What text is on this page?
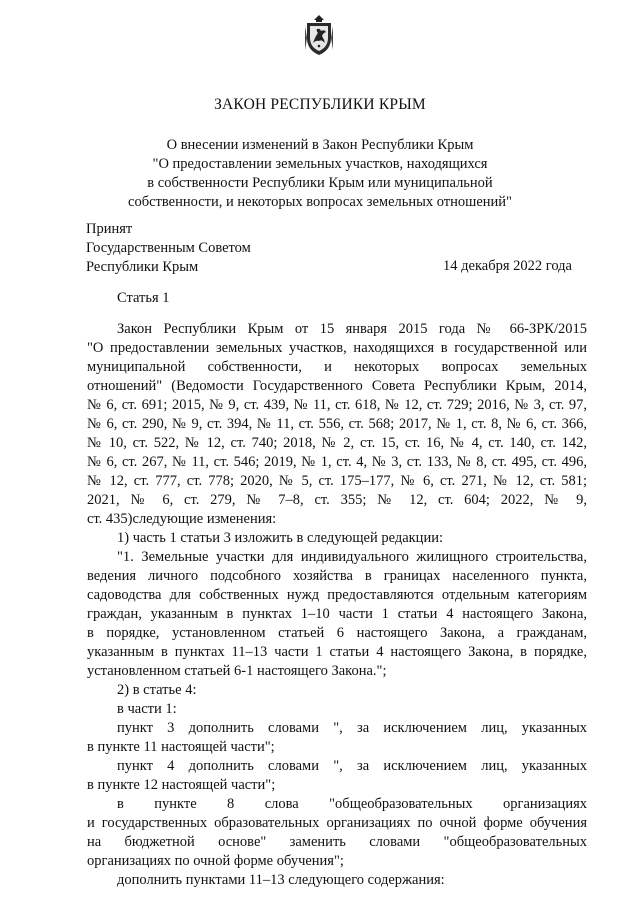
ЗАКОН РЕСПУБЛИКИ КРЫМ
О внесении изменений в Закон Республики Крым
"О предоставлении земельных участков, находящихся
в собственности Республики Крым или муниципальной
собственности, и некоторых вопросах земельных отношений"
Принят
Государственным Советом
Республики Крым	14 декабря 2022 года
Статья 1
Закон Республики Крым от 15 января 2015 года № 66-ЗРК/2015
"О предоставлении земельных участков, находящихся в государственной или
муниципальной собственности, и некоторых вопросах земельных
отношений" (Ведомости Государственного Совета Республики Крым, 2014,
№ 6, ст. 691; 2015, № 9, ст. 439, № 11, ст. 618, № 12, ст. 729; 2016, № 3, ст. 97,
№ 6, ст. 290, № 9, ст. 394, № 11, ст. 556, ст. 568; 2017, № 1, ст. 8, № 6, ст. 366,
№ 10, ст. 522, № 12, ст. 740; 2018, № 2, ст. 15, ст. 16, № 4, ст. 140, ст. 142,
№ 6, ст. 267, № 11, ст. 546; 2019, № 1, ст. 4, № 3, ст. 133, № 8, ст. 495, ст. 496,
№ 12, ст. 777, ст. 778; 2020, № 5, ст. 175–177, № 6, ст. 271, № 12, ст. 581;
2021, № 6, ст. 279, № 7–8, ст. 355; № 12, ст. 604; 2022, № 9,
ст. 435)следующие изменения:
1) часть 1 статьи 3 изложить в следующей редакции:
"1. Земельные участки для индивидуального жилищного строительства,
ведения личного подсобного хозяйства в границах населенного пункта,
садоводства для собственных нужд предоставляются отдельным категориям
граждан, указанным в пунктах 1–10 части 1 статьи 4 настоящего Закона,
в порядке, установленном статьей 6 настоящего Закона, а гражданам,
указанным в пунктах 11–13 части 1 статьи 4 настоящего Закона, в порядке,
установленном статьей 6-1 настоящего Закона.";
2) в статье 4:
в части 1:
пункт 3 дополнить словами ", за исключением лиц, указанных
в пункте 11 настоящей части";
пункт 4 дополнить словами ", за исключением лиц, указанных
в пункте 12 настоящей части";
в пункте 8 слова "общеобразовательных организациях
и государственных образовательных организациях по очной форме обучения
на бюджетной основе" заменить словами "общеобразовательных
организациях по очной форме обучения";
дополнить пунктами 11–13 следующего содержания:
